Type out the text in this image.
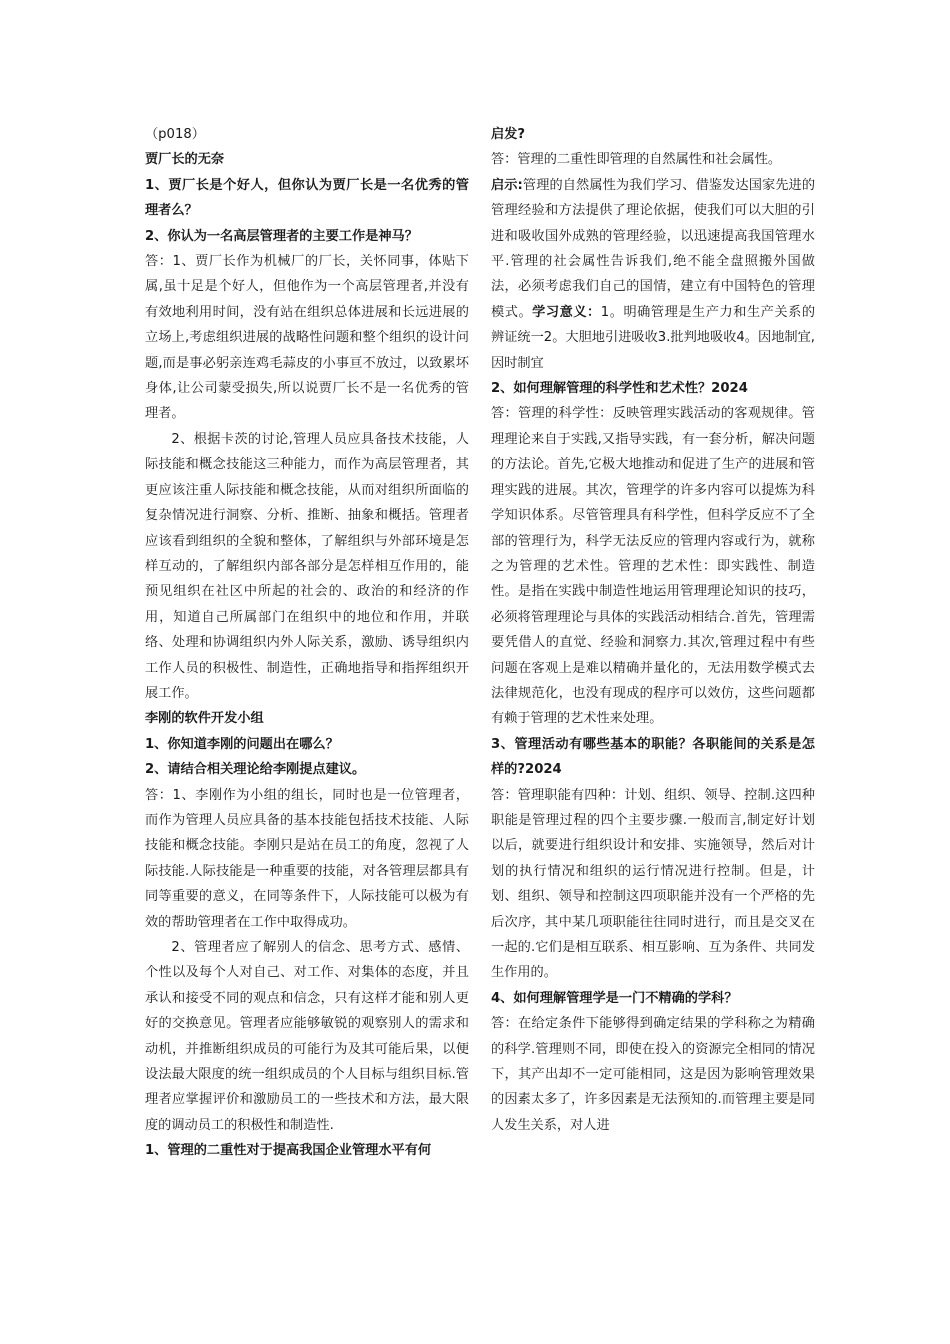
（p018）

贾厂长的无奈

1、贾厂长是个好人，但你认为贾厂长是一名优秀的管理者么？

2、你认为一名高层管理者的主要工作是神马？

答：1、贾厂长作为机械厂的厂长，关怀同事，体贴下属,虽十足是个好人，但他作为一个高层管理者,并没有有效地利用时间，没有站在组织总体进展和长远进展的立场上,考虑组织进展的战略性问题和整个组织的设计问题,而是事必躬亲连鸡毛蒜皮的小事亘不放过，以致累坏身体,让公司蒙受损失,所以说贾厂长不是一名优秀的管理者。

2、根据卡茨的讨论,管理人员应具备技术技能，人际技能和概念技能这三种能力，而作为高层管理者，其更应该注重人际技能和概念技能，从而对组织所面临的复杂情况进行洞察、分析、推断、抽象和概括。管理者应该看到组织的全貌和整体，了解组织与外部环境是怎样互动的，了解组织内部各部分是怎样相互作用的，能预见组织在社区中所起的社会的、政治的和经济的作用，知道自己所属部门在组织中的地位和作用，并联络、处理和协调组织内外人际关系，激励、诱导组织内工作人员的积极性、制造性，正确地指导和指挥组织开展工作。

李刚的软件开发小组

1、你知道李刚的问题出在哪么？

2、请结合相关理论给李刚提点建议。

答：1、李刚作为小组的组长，同时也是一位管理者，而作为管理人员应具备的基本技能包括技术技能、人际技能和概念技能。李刚只是站在员工的角度，忽视了人际技能.人际技能是一种重要的技能，对各管理层都具有同等重要的意义，在同等条件下，人际技能可以极为有效的帮助管理者在工作中取得成功。

2、管理者应了解别人的信念、思考方式、感情、个性以及每个人对自己、对工作、对集体的态度，并且承认和接受不同的观点和信念，只有这样才能和别人更好的交换意见。管理者应能够敏锐的观察别人的需求和动机，并推断组织成员的可能行为及其可能后果，以便设法最大限度的统一组织成员的个人目标与组织目标.管理者应掌握评价和激励员工的一些技术和方法，最大限度的调动员工的积极性和制造性.

1、管理的二重性对于提高我国企业管理水平有何

启发?

答：管理的二重性即管理的自然属性和社会属性。

启示:管理的自然属性为我们学习、借鉴发达国家先进的管理经验和方法提供了理论依据，使我们可以大胆的引进和吸收国外成熟的管理经验，以迅速提高我国管理水平.管理的社会属性告诉我们,绝不能全盘照搬外国做法，必须考虑我们自己的国情，建立有中国特色的管理模式。学习意义：1。明确管理是生产力和生产关系的辨证统一2。大胆地引进吸收3.批判地吸收4。因地制宜,因时制宜

2、如何理解管理的科学性和艺术性？2024

答：管理的科学性：反映管理实践活动的客观规律。管理理论来自于实践,又指导实践，有一套分析，解决问题的方法论。首先,它极大地推动和促进了生产的进展和管理实践的进展。其次，管理学的许多内容可以提炼为科学知识体系。尽管管理具有科学性，但科学反应不了全部的管理行为，科学无法反应的管理内容或行为，就称之为管理的艺术性。管理的艺术性：即实践性、制造性。是指在实践中制造性地运用管理理论知识的技巧，必须将管理理论与具体的实践活动相结合.首先，管理需要凭借人的直觉、经验和洞察力.其次,管理过程中有些问题在客观上是难以精确并量化的，无法用数学模式去法律规范化，也没有现成的程序可以效仿，这些问题都有赖于管理的艺术性来处理。

3、管理活动有哪些基本的职能？各职能间的关系是怎样的?2024

答：管理职能有四种：计划、组织、领导、控制.这四种职能是管理过程的四个主要步骤.一般而言,制定好计划以后，就要进行组织设计和安排、实施领导，然后对计划的执行情况和组织的运行情况进行控制。但是，计划、组织、领导和控制这四项职能并没有一个严格的先后次序，其中某几项职能往往同时进行，而且是交叉在一起的.它们是相互联系、相互影响、互为条件、共同发生作用的。

4、如何理解管理学是一门不精确的学科？

答：在给定条件下能够得到确定结果的学科称之为精确的科学.管理则不同，即使在投入的资源完全相同的情况下，其产出却不一定可能相同，这是因为影响管理效果的因素太多了，许多因素是无法预知的.而管理主要是同人发生关系，对人进
